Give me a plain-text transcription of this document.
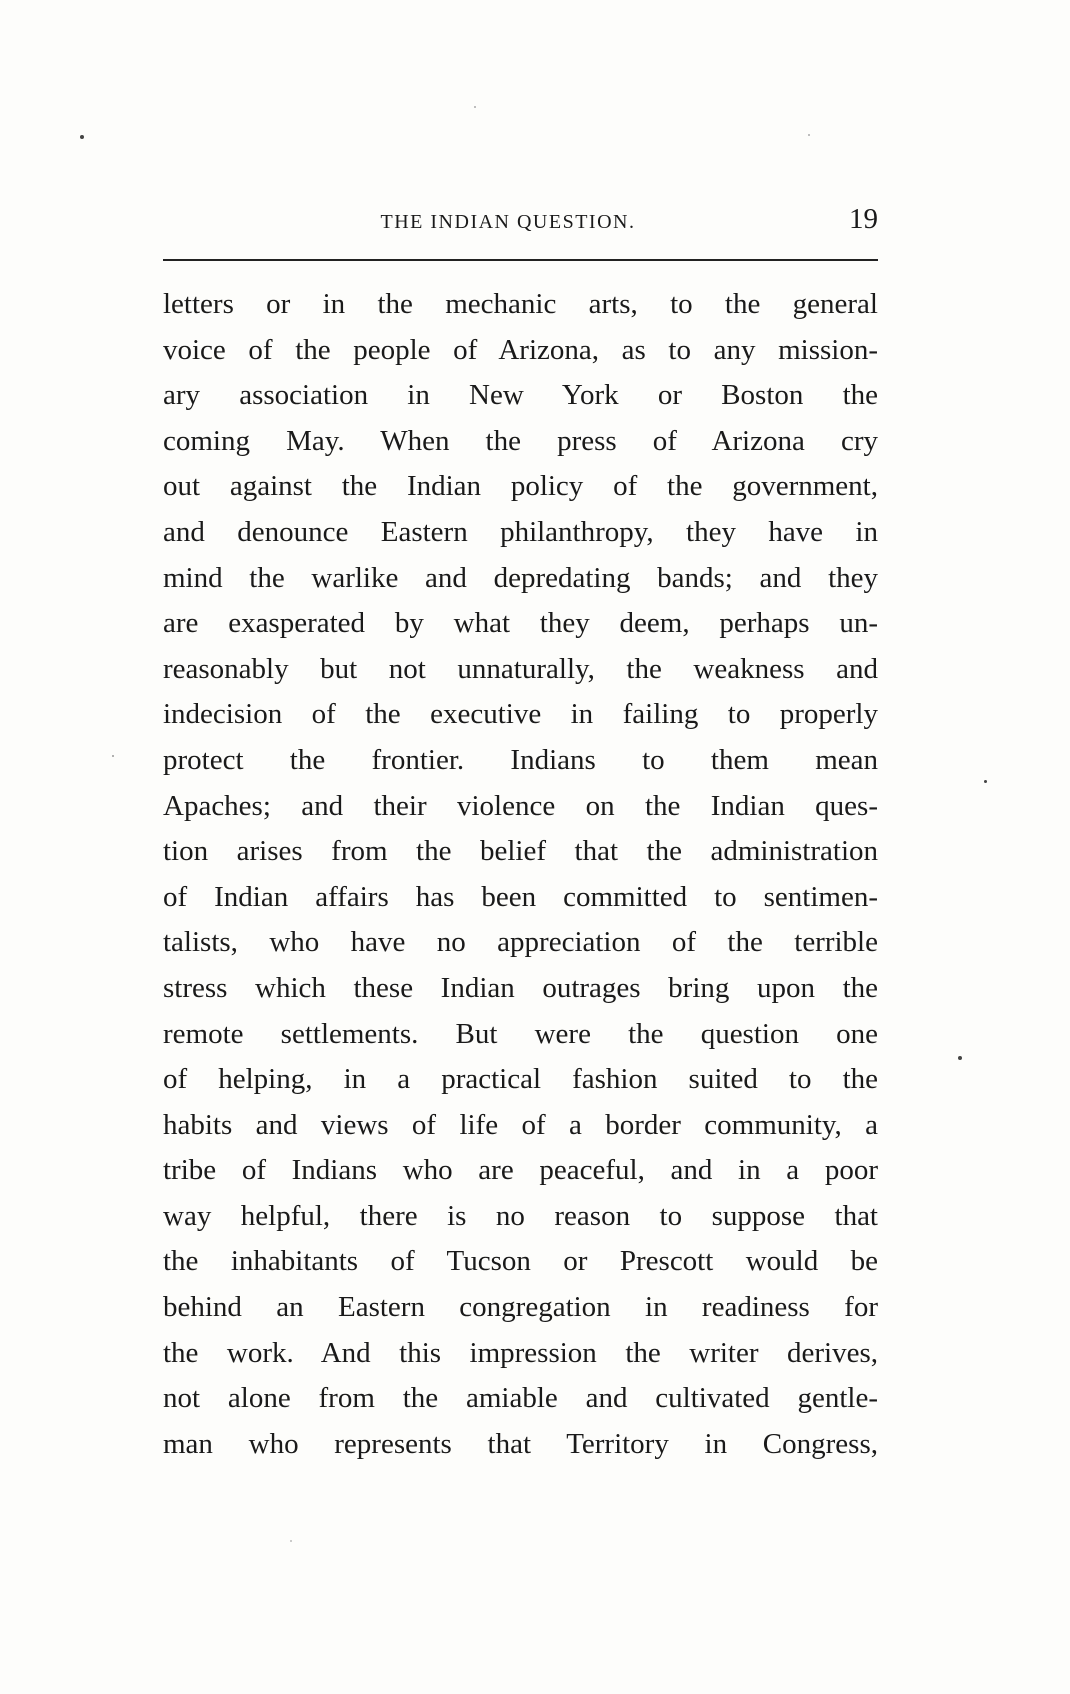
THE INDIAN QUESTION.	19
letters or in the mechanic arts, to the general
voice of the people of Arizona, as to any mission-
ary association in New York or Boston the
coming May. When the press of Arizona cry
out against the Indian policy of the government,
and denounce Eastern philanthropy, they have in
mind the warlike and depredating bands; and they
are exasperated by what they deem, perhaps un-
reasonably but not unnaturally, the weakness and
indecision of the executive in failing to properly
protect the frontier. Indians to them mean
Apaches; and their violence on the Indian ques-
tion arises from the belief that the administration
of Indian affairs has been committed to sentimen-
talists, who have no appreciation of the terrible
stress which these Indian outrages bring upon the
remote settlements. But were the question one
of helping, in a practical fashion suited to the
habits and views of life of a border community, a
tribe of Indians who are peaceful, and in a poor
way helpful, there is no reason to suppose that
the inhabitants of Tucson or Prescott would be
behind an Eastern congregation in readiness for
the work. And this impression the writer derives,
not alone from the amiable and cultivated gentle-
man who represents that Territory in Congress,
